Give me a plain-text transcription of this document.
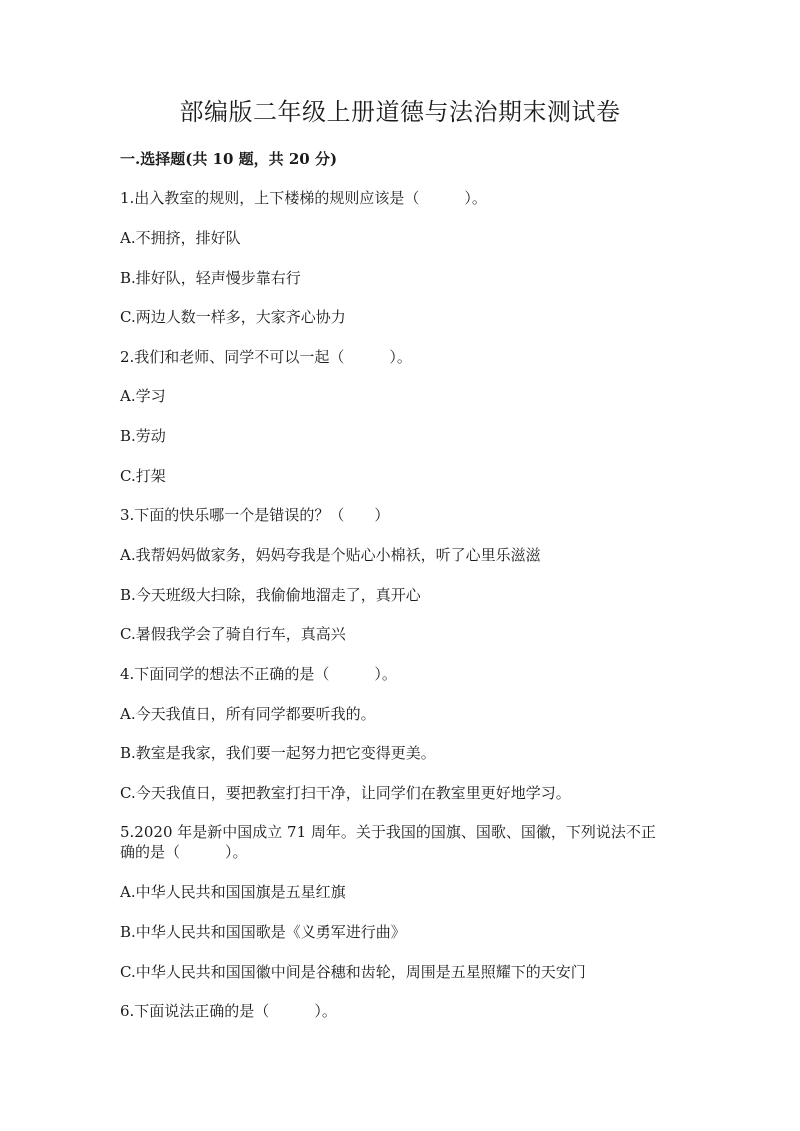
部编版二年级上册道德与法治期末测试卷
一.选择题(共 10 题，共 20 分)
1.出入教室的规则，上下楼梯的规则应该是（　　　）。
A.不拥挤，排好队
B.排好队，轻声慢步靠右行
C.两边人数一样多，大家齐心协力
2.我们和老师、同学不可以一起（　　　）。
A.学习
B.劳动
C.打架
3.下面的快乐哪一个是错误的？（　　）
A.我帮妈妈做家务，妈妈夸我是个贴心小棉袄，听了心里乐滋滋
B.今天班级大扫除，我偷偷地溜走了，真开心
C.暑假我学会了骑自行车，真高兴
4.下面同学的想法不正确的是（　　　）。
A.今天我值日，所有同学都要听我的。
B.教室是我家，我们要一起努力把它变得更美。
C.今天我值日，要把教室打扫干净，让同学们在教室里更好地学习。
5.2020 年是新中国成立 71 周年。关于我国的国旗、国歌、国徽，下列说法不正确的是（　　　）。
A.中华人民共和国国旗是五星红旗
B.中华人民共和国国歌是《义勇军进行曲》
C.中华人民共和国国徽中间是谷穗和齿轮，周围是五星照耀下的天安门
6.下面说法正确的是（　　　）。
